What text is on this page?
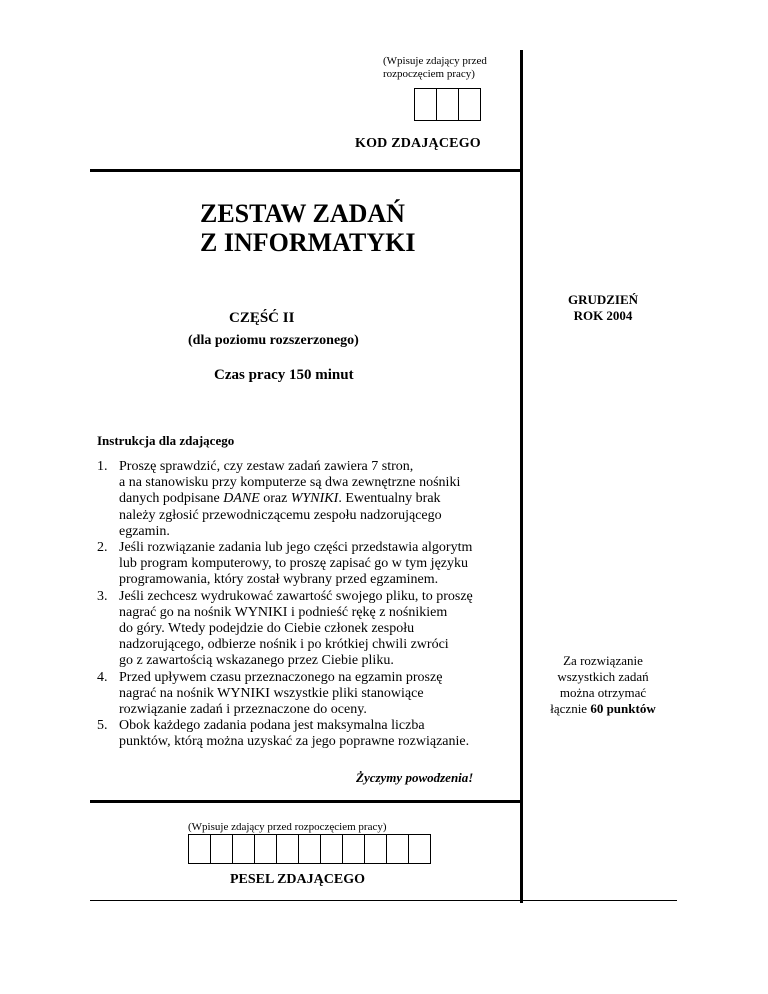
(Wpisuje zdający przed
rozpoczęciem pracy)
KOD ZDAJĄCEGO
ZESTAW ZADAŃ
Z INFORMATYKI
CZĘŚĆ II
(dla poziomu rozszerzonego)
Czas pracy 150 minut
GRUDZIEŃ
ROK 2004
Instrukcja dla zdającego
1. Proszę sprawdzić, czy zestaw zadań zawiera 7 stron,
a na stanowisku przy komputerze są dwa zewnętrzne nośniki
danych podpisane DANE oraz WYNIKI. Ewentualny brak
należy zgłosić przewodniczącemu zespołu nadzorującego
egzamin.
2. Jeśli rozwiązanie zadania lub jego części przedstawia algorytm
lub program komputerowy, to proszę zapisać go w tym języku
programowania, który został wybrany przed egzaminem.
3. Jeśli zechcesz wydrukować zawartość swojego pliku, to proszę
nagrać go na nośnik WYNIKI i podnieść rękę z nośnikiem
do góry. Wtedy podejdzie do Ciebie członek zespołu
nadzorującego, odbierze nośnik i po krótkiej chwili zwróci
go z zawartością wskazanego przez Ciebie pliku.
4. Przed upływem czasu przeznaczonego na egzamin proszę
nagrać na nośnik WYNIKI wszystkie pliki stanowiące
rozwiązanie zadań i przeznaczone do oceny.
5. Obok każdego zadania podana jest maksymalna liczba
punktów, którą można uzyskać za jego poprawne rozwiązanie.
Za rozwiązanie
wszystkich zadań
można otrzymać
łącznie 60 punktów
Życzymy powodzenia!
(Wpisuje zdający przed rozpoczęciem pracy)
PESEL ZDAJĄCEGO
